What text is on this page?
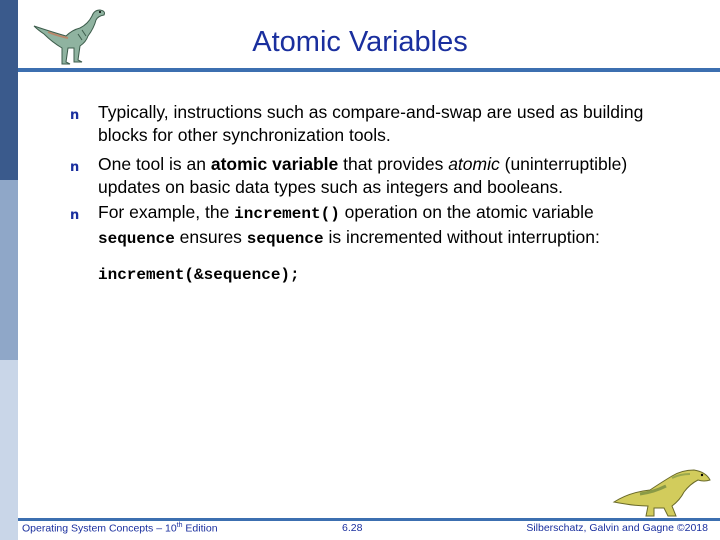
Atomic Variables
n Typically, instructions such as compare-and-swap are used as building blocks for other synchronization tools.
n One tool is an atomic variable that provides atomic (uninterruptible) updates on basic data types such as integers and booleans.
n For example, the increment() operation on the atomic variable sequence ensures sequence is incremented without interruption:
increment(&sequence);
Operating System Concepts – 10th Edition	6.28	Silberschatz, Galvin and Gagne ©2018
